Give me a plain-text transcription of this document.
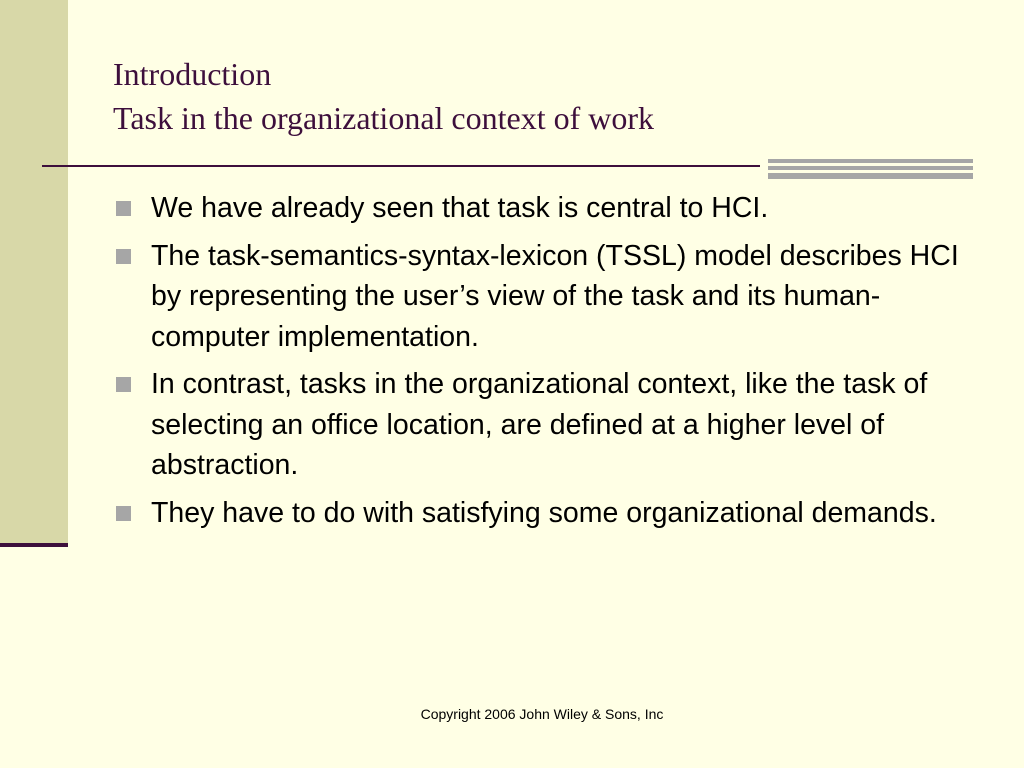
Introduction
Task in the organizational context of work
We have already seen that task is central to HCI.
The task-semantics-syntax-lexicon (TSSL) model describes HCI by representing the user’s view of the task and its human-computer implementation.
In contrast, tasks in the organizational context, like the task of selecting an office location, are defined at a higher level of abstraction.
They have to do with satisfying some organizational demands.
Copyright 2006 John Wiley & Sons, Inc
